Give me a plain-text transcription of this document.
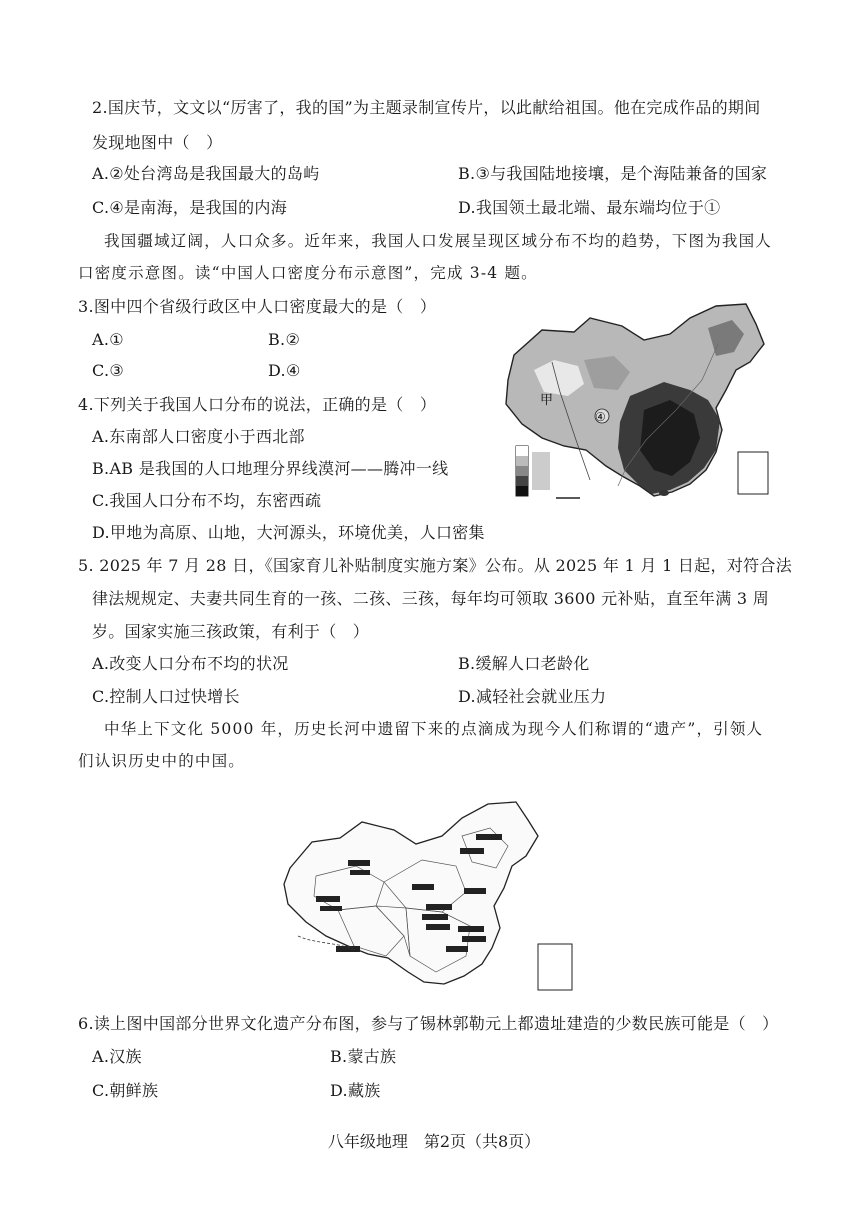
2.国庆节，文文以“厉害了，我的国”为主题录制宣传片，以此献给祖国。他在完成作品的期间
发现地图中（　）
A.②处台湾岛是我国最大的岛屿	B.③与我国陆地接壤，是个海陆兼备的国家
C.④是南海，是我国的内海	D.我国领土最北端、最东端均位于①
我国疆域辽阔，人口众多。近年来，我国人口发展呈现区域分布不均的趋势，下图为我国人
口密度示意图。读“中国人口密度分布示意图”，完成 3-4 题。
3.图中四个省级行政区中人口密度最大的是（　）
A.①	B.②
C.③	D.④
甲
④
4.下列关于我国人口分布的说法，正确的是（　）
A.东南部人口密度小于西北部
B.AB 是我国的人口地理分界线漠河——腾冲一线
C.我国人口分布不均，东密西疏
D.甲地为高原、山地，大河源头，环境优美，人口密集
5. 2025 年 7 月 28 日，《国家育儿补贴制度实施方案》公布。从 2025 年 1 月 1 日起，对符合法
律法规规定、夫妻共同生育的一孩、二孩、三孩，每年均可领取 3600 元补贴，直至年满 3 周
岁。国家实施三孩政策，有利于（　）
A.改变人口分布不均的状况	B.缓解人口老龄化
C.控制人口过快增长	D.减轻社会就业压力
中华上下文化 5000 年，历史长河中遗留下来的点滴成为现今人们称谓的“遗产”，引领人
们认识历史中的中国。
6.读上图中国部分世界文化遗产分布图，参与了锡林郭勒元上都遗址建造的少数民族可能是（　）
A.汉族	B.蒙古族
C.朝鲜族	D.藏族
八年级地理　第2页（共8页）
